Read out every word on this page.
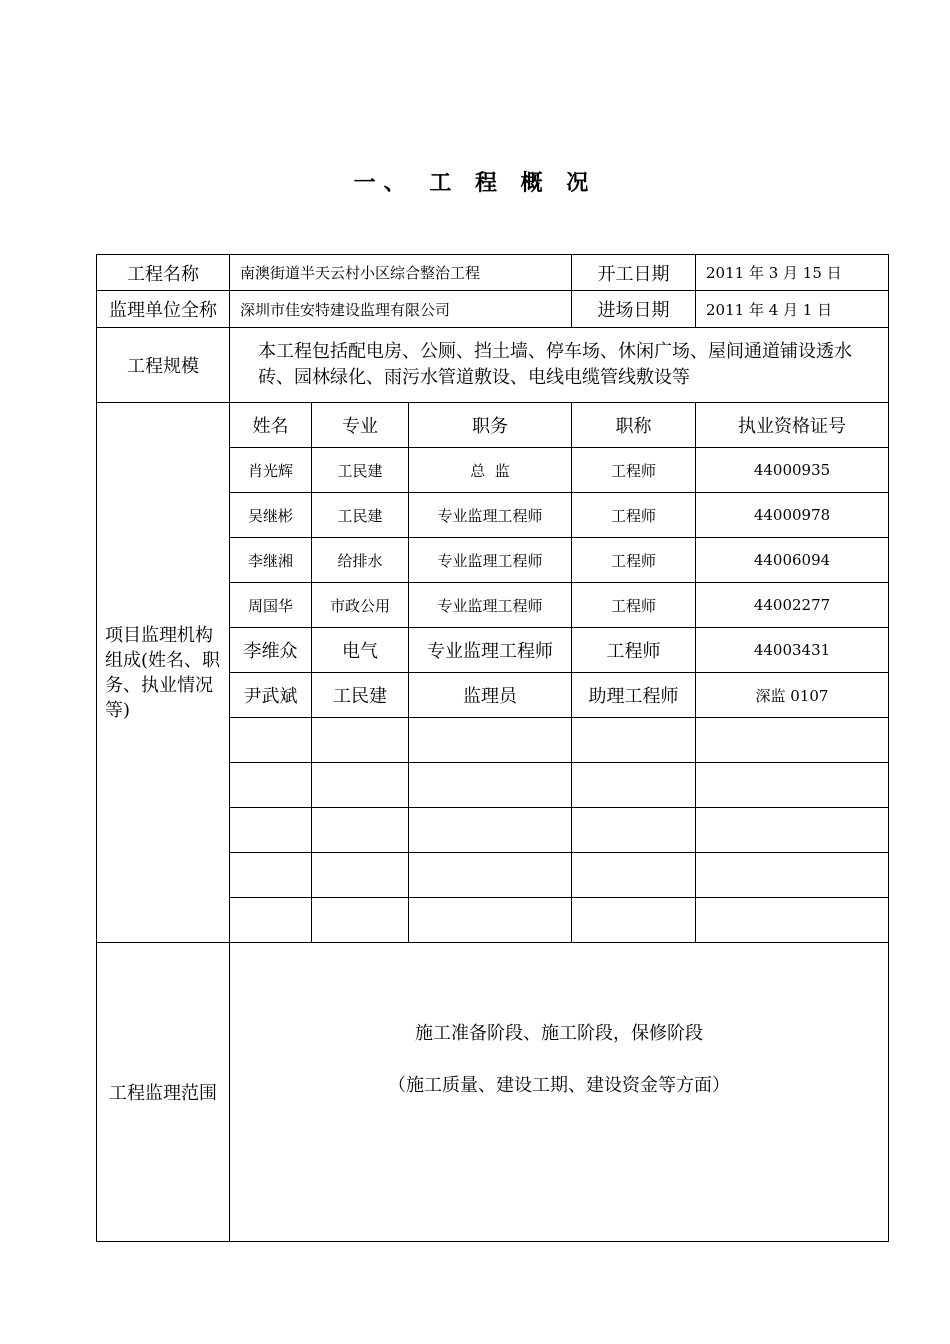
一、 工 程 概 况
工程名称	南澳街道半天云村小区综合整治工程			开工日期	2011 年 3 月 15 日
监理单位全称	深圳市佳安特建设监理有限公司			进场日期	2011 年 4 月 1 日
工程规模	本工程包括配电房、公厕、挡土墙、停车场、休闲广场、屋间通道铺设透水砖、园林绿化、雨污水管道敷设、电线电缆管线敷设等				
项目监理机构组成(姓名、职务、执业情况等)	姓名	专业	职务	职称	执业资格证号
	肖光辉	工民建	总  监	工程师	44000935
	吴继彬	工民建	专业监理工程师	工程师	44000978
	李继湘	给排水	专业监理工程师	工程师	44006094
	周国华	市政公用	专业监理工程师	工程师	44002277
	李维众	电气	专业监理工程师	工程师	44003431
	尹武斌	工民建	监理员	助理工程师	深监 0107

工程监理范围	施工准备阶段、施工阶段，保修阶段
（施工质量、建设工期、建设资金等方面）				
